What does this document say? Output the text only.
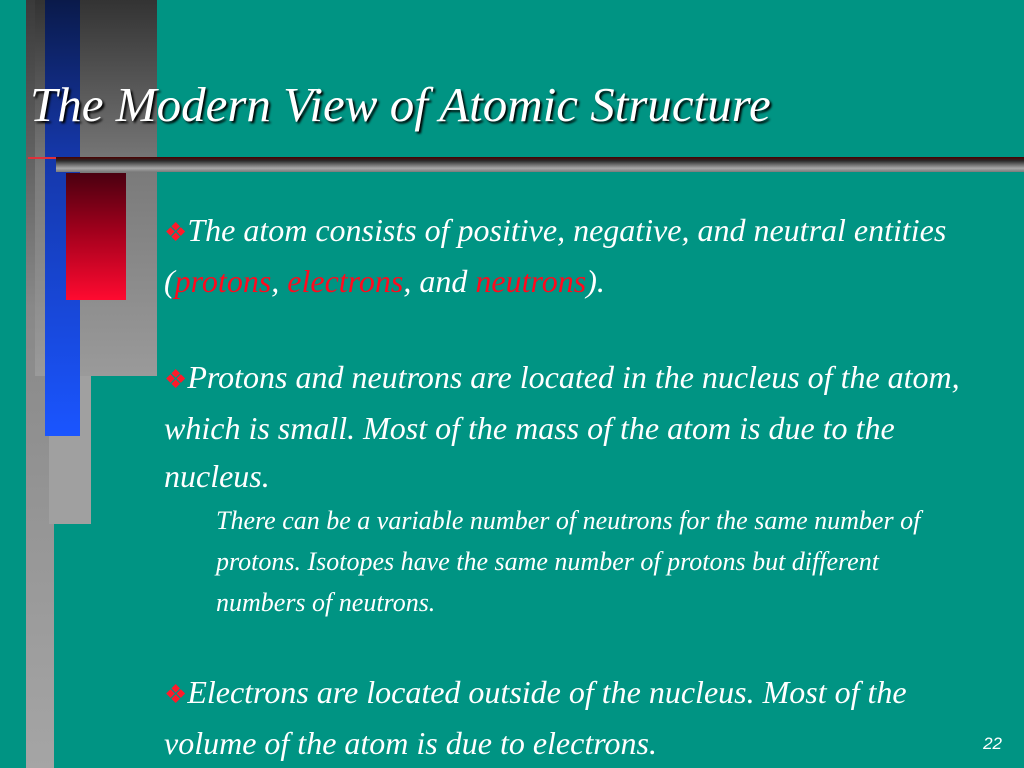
The Modern View of Atomic Structure

❖The atom consists of positive, negative, and neutral entities (protons, electrons, and neutrons).

❖Protons and neutrons are located in the nucleus of the atom, which is small. Most of the mass of the atom is due to the nucleus.

There can be a variable number of neutrons for the same number of protons. Isotopes have the same number of protons but different numbers of neutrons.

❖Electrons are located outside of the nucleus. Most of the volume of the atom is due to electrons.	22
